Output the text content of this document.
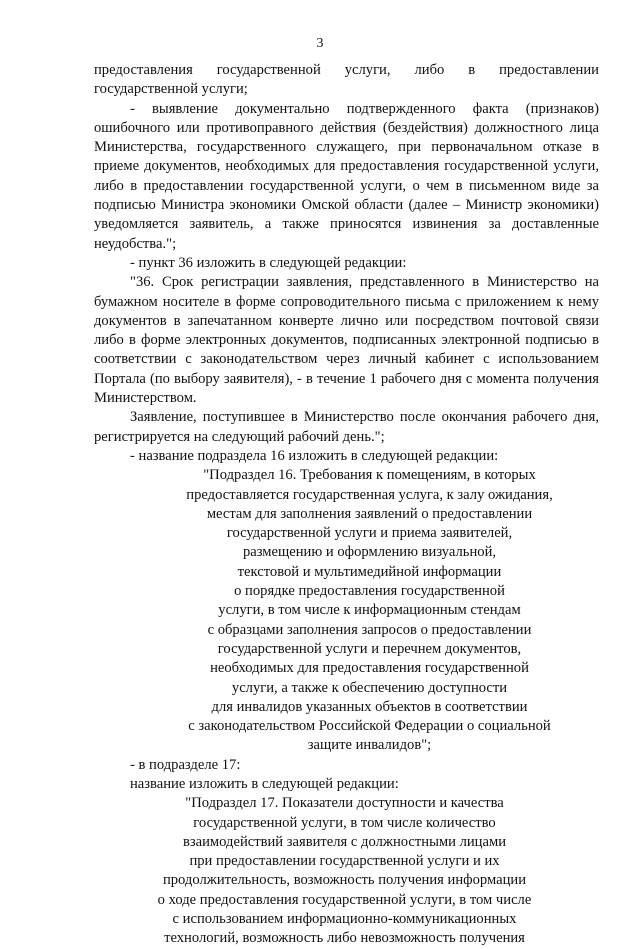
3

предоставления государственной услуги, либо в предоставлении государственной услуги;

- выявление документально подтвержденного факта (признаков) ошибочного или противоправного действия (бездействия) должностного лица Министерства, государственного служащего, при первоначальном отказе в приеме документов, необходимых для предоставления государственной услуги, либо в предоставлении государственной услуги, о чем в письменном виде за подписью Министра экономики Омской области (далее – Министр экономики) уведомляется заявитель, а также приносятся извинения за доставленные неудобства.";

- пункт 36 изложить в следующей редакции:

"36. Срок регистрации заявления, представленного в Министерство на бумажном носителе в форме сопроводительного письма с приложением к нему документов в запечатанном конверте лично или посредством почтовой связи либо в форме электронных документов, подписанных электронной подписью в соответствии с законодательством через личный кабинет с использованием Портала (по выбору заявителя), - в течение 1 рабочего дня с момента получения Министерством.

Заявление, поступившее в Министерство после окончания рабочего дня, регистрируется на следующий рабочий день.";

- название подраздела 16 изложить в следующей редакции:

"Подраздел 16. Требования к помещениям, в которых
предоставляется государственная услуга, к залу ожидания,
местам для заполнения заявлений о предоставлении
государственной услуги и приема заявителей,
размещению и оформлению визуальной,
текстовой и мультимедийной информации
о порядке предоставления государственной
услуги, в том числе к информационным стендам
с образцами заполнения запросов о предоставлении
государственной услуги и перечнем документов,
необходимых для предоставления государственной
услуги, а также к обеспечению доступности
для инвалидов указанных объектов в соответствии
с законодательством Российской Федерации о социальной
защите инвалидов";

- в подразделе 17:

название изложить в следующей редакции:

"Подраздел 17. Показатели доступности и качества
государственной услуги, в том числе количество
взаимодействий заявителя с должностными лицами
при предоставлении государственной услуги и их
продолжительность, возможность получения информации
о ходе предоставления государственной услуги, в том числе
с использованием информационно-коммуникационных
технологий, возможность либо невозможность получения
